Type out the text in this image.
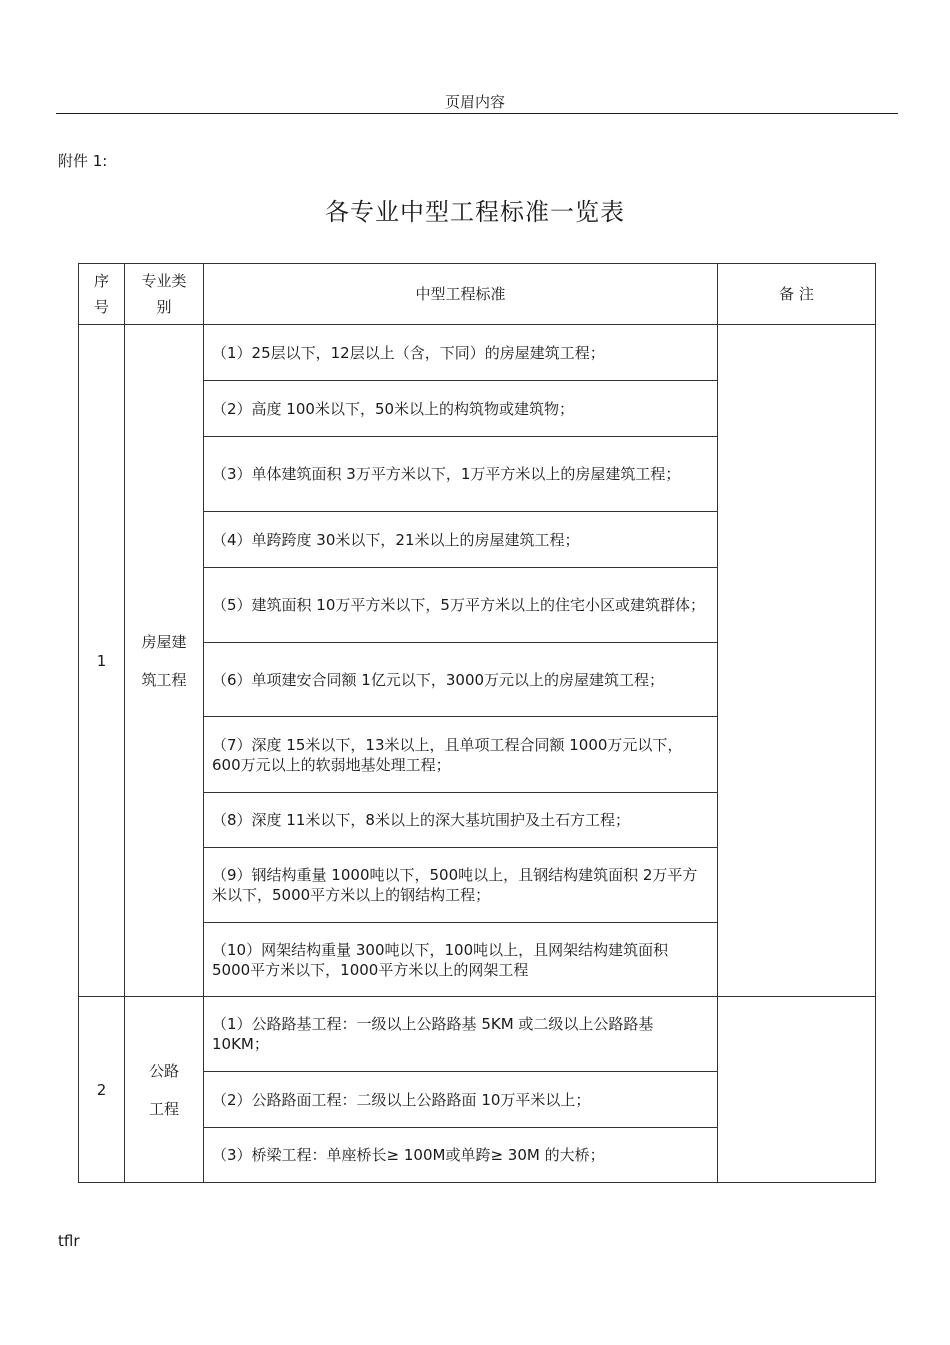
页眉内容
附件 1:
各专业中型工程标准一览表
序号	专业类别	中型工程标准	备 注
1	房屋建筑工程	（1）25层以下，12层以上（含，下同）的房屋建筑工程；	
		（2）高度 100米以下，50米以上的构筑物或建筑物；	
		（3）单体建筑面积 3万平方米以下，1万平方米以上的房屋建筑工程；	
		（4）单跨跨度 30米以下，21米以上的房屋建筑工程；	
		（5）建筑面积 10万平方米以下，5万平方米以上的住宅小区或建筑群体；	
		（6）单项建安合同额 1亿元以下，3000万元以上的房屋建筑工程；	
		（7）深度 15米以下，13米以上，且单项工程合同额 1000万元以下，600万元以上的软弱地基处理工程；	
		（8）深度 11米以下，8米以上的深大基坑围护及土石方工程；	
		（9）钢结构重量 1000吨以下，500吨以上，且钢结构建筑面积 2万平方米以下，5000平方米以上的钢结构工程；	
		（10）网架结构重量 300吨以下，100吨以上，且网架结构建筑面积 5000平方米以下，1000平方米以上的网架工程	
2	公路工程	（1）公路路基工程：一级以上公路路基 5KM 或二级以上公路路基 10KM；	
		（2）公路路面工程：二级以上公路路面 10万平米以上；	
		（3）桥梁工程：单座桥长≥ 100M或单跨≥ 30M 的大桥；	
tflr
